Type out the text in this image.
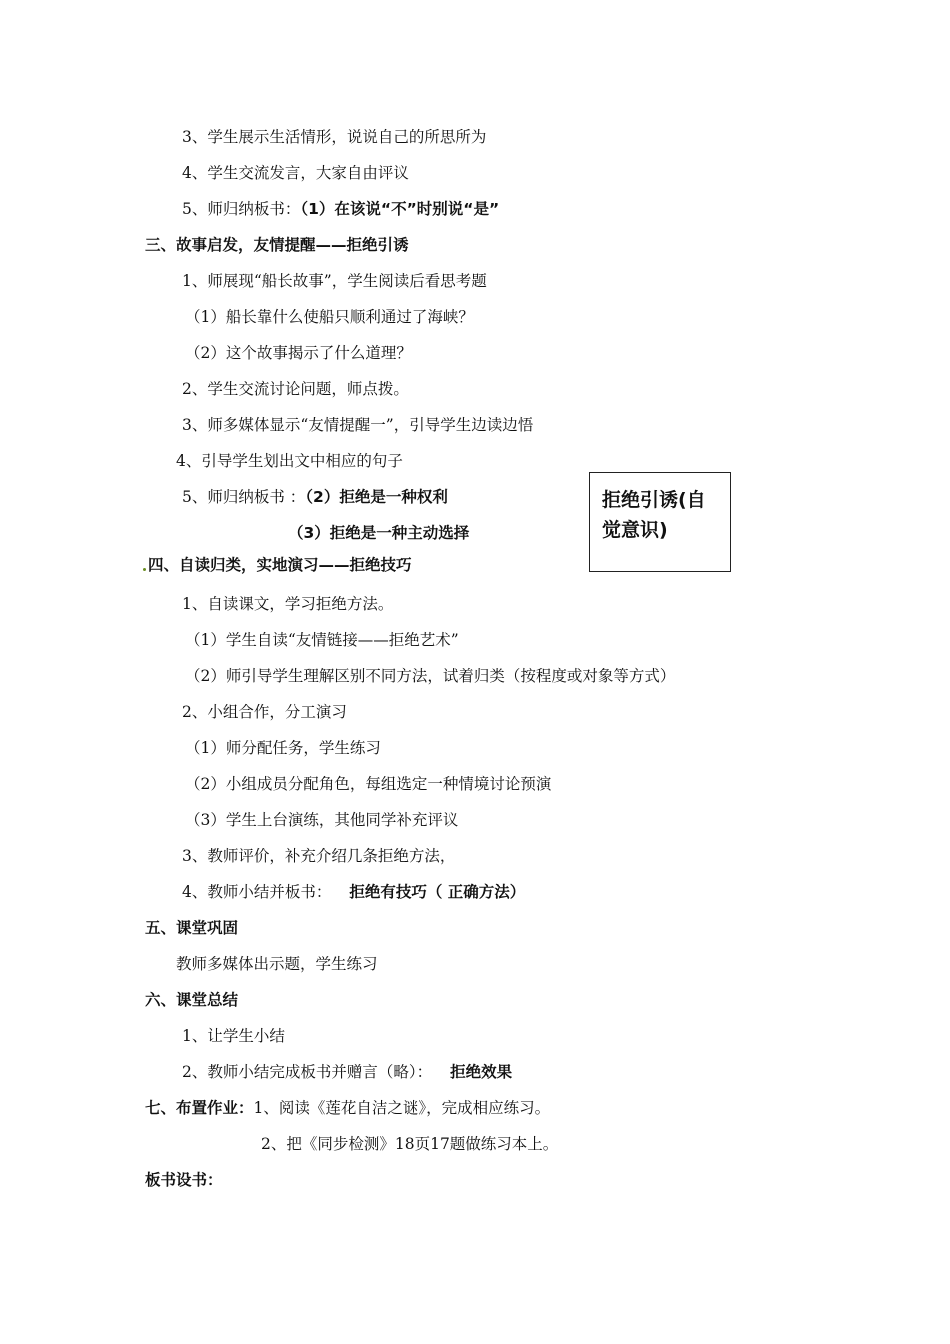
3、学生展示生活情形，说说自己的所思所为
4、学生交流发言，大家自由评议
5、师归纳板书：（1）在该说“不”时别说“是”
三、故事启发，友情提醒——拒绝引诱
1、师展现“船长故事”，学生阅读后看思考题
（1）船长靠什么使船只顺利通过了海峡？
（2）这个故事揭示了什么道理？
2、学生交流讨论问题，师点拨。
3、师多媒体显示“友情提醒一”，引导学生边读边悟
4、引导学生划出文中相应的句子
5、师归纳板书 ：（2）拒绝是一种权利
（3）拒绝是一种主动选择
四、自读归类，实地演习——拒绝技巧
1、自读课文，学习拒绝方法。
（1）学生自读“友情链接——拒绝艺术”
（2）师引导学生理解区别不同方法，试着归类（按程度或对象等方式）
2、小组合作，分工演习
（1）师分配任务，学生练习
（2）小组成员分配角色，每组选定一种情境讨论预演
（3）学生上台演练，其他同学补充评议
3、教师评价，补充介绍几条拒绝方法，
4、教师小结并板书： 拒绝有技巧（ 正确方法）
五、课堂巩固
教师多媒体出示题，学生练习
六、课堂总结
1、让学生小结
2、教师小结完成板书并赠言（略）： 拒绝效果
七、布置作业：1、阅读《莲花自洁之谜》，完成相应练习。
2、把《同步检测》18页17题做练习本上。
板书设书：
拒绝引诱(自觉意识)
